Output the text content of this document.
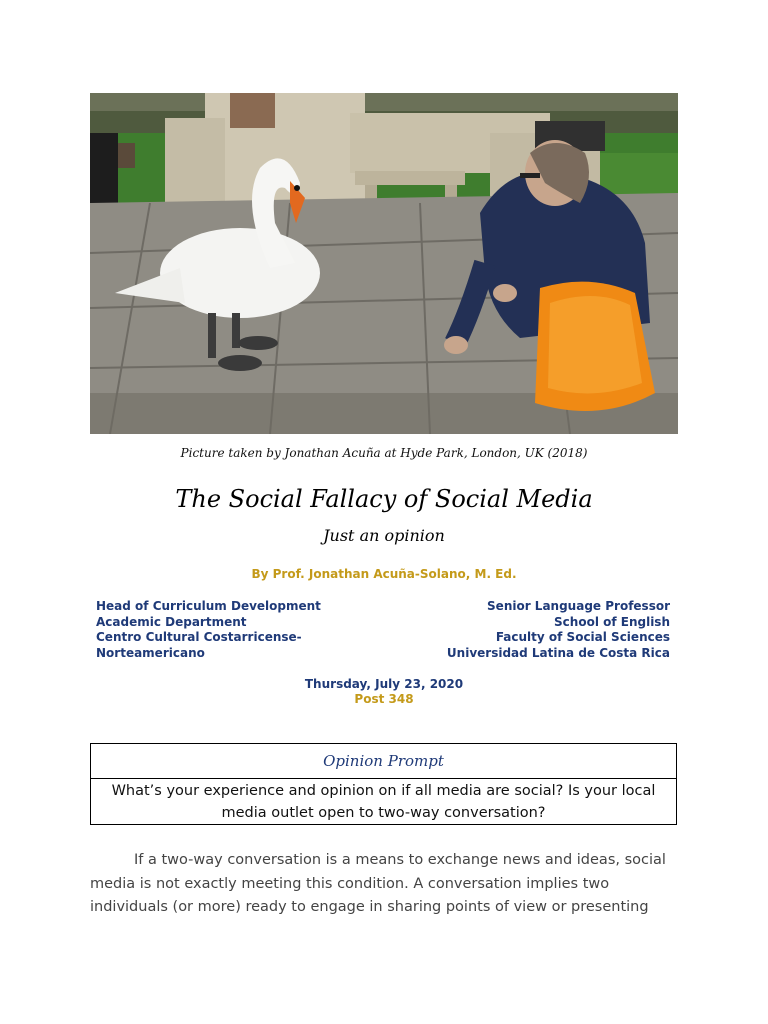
Picture taken by Jonathan Acuña at Hyde Park, London, UK (2018)
The Social Fallacy of Social Media
Just an opinion
By Prof. Jonathan Acuña-Solano, M. Ed.
Head of Curriculum Development
Academic Department
Centro Cultural Costarricense-
Norteamericano
Senior Language Professor
School of English
Faculty of Social Sciences
Universidad Latina de Costa Rica
Thursday, July 23, 2020
Post 348
Opinion Prompt
What’s your experience and opinion on if all media are social? Is your local media outlet open to two-way conversation?

If a two-way conversation is a means to exchange news and ideas, social media is not exactly meeting this condition. A conversation implies two individuals (or more) ready to engage in sharing points of view or presenting
